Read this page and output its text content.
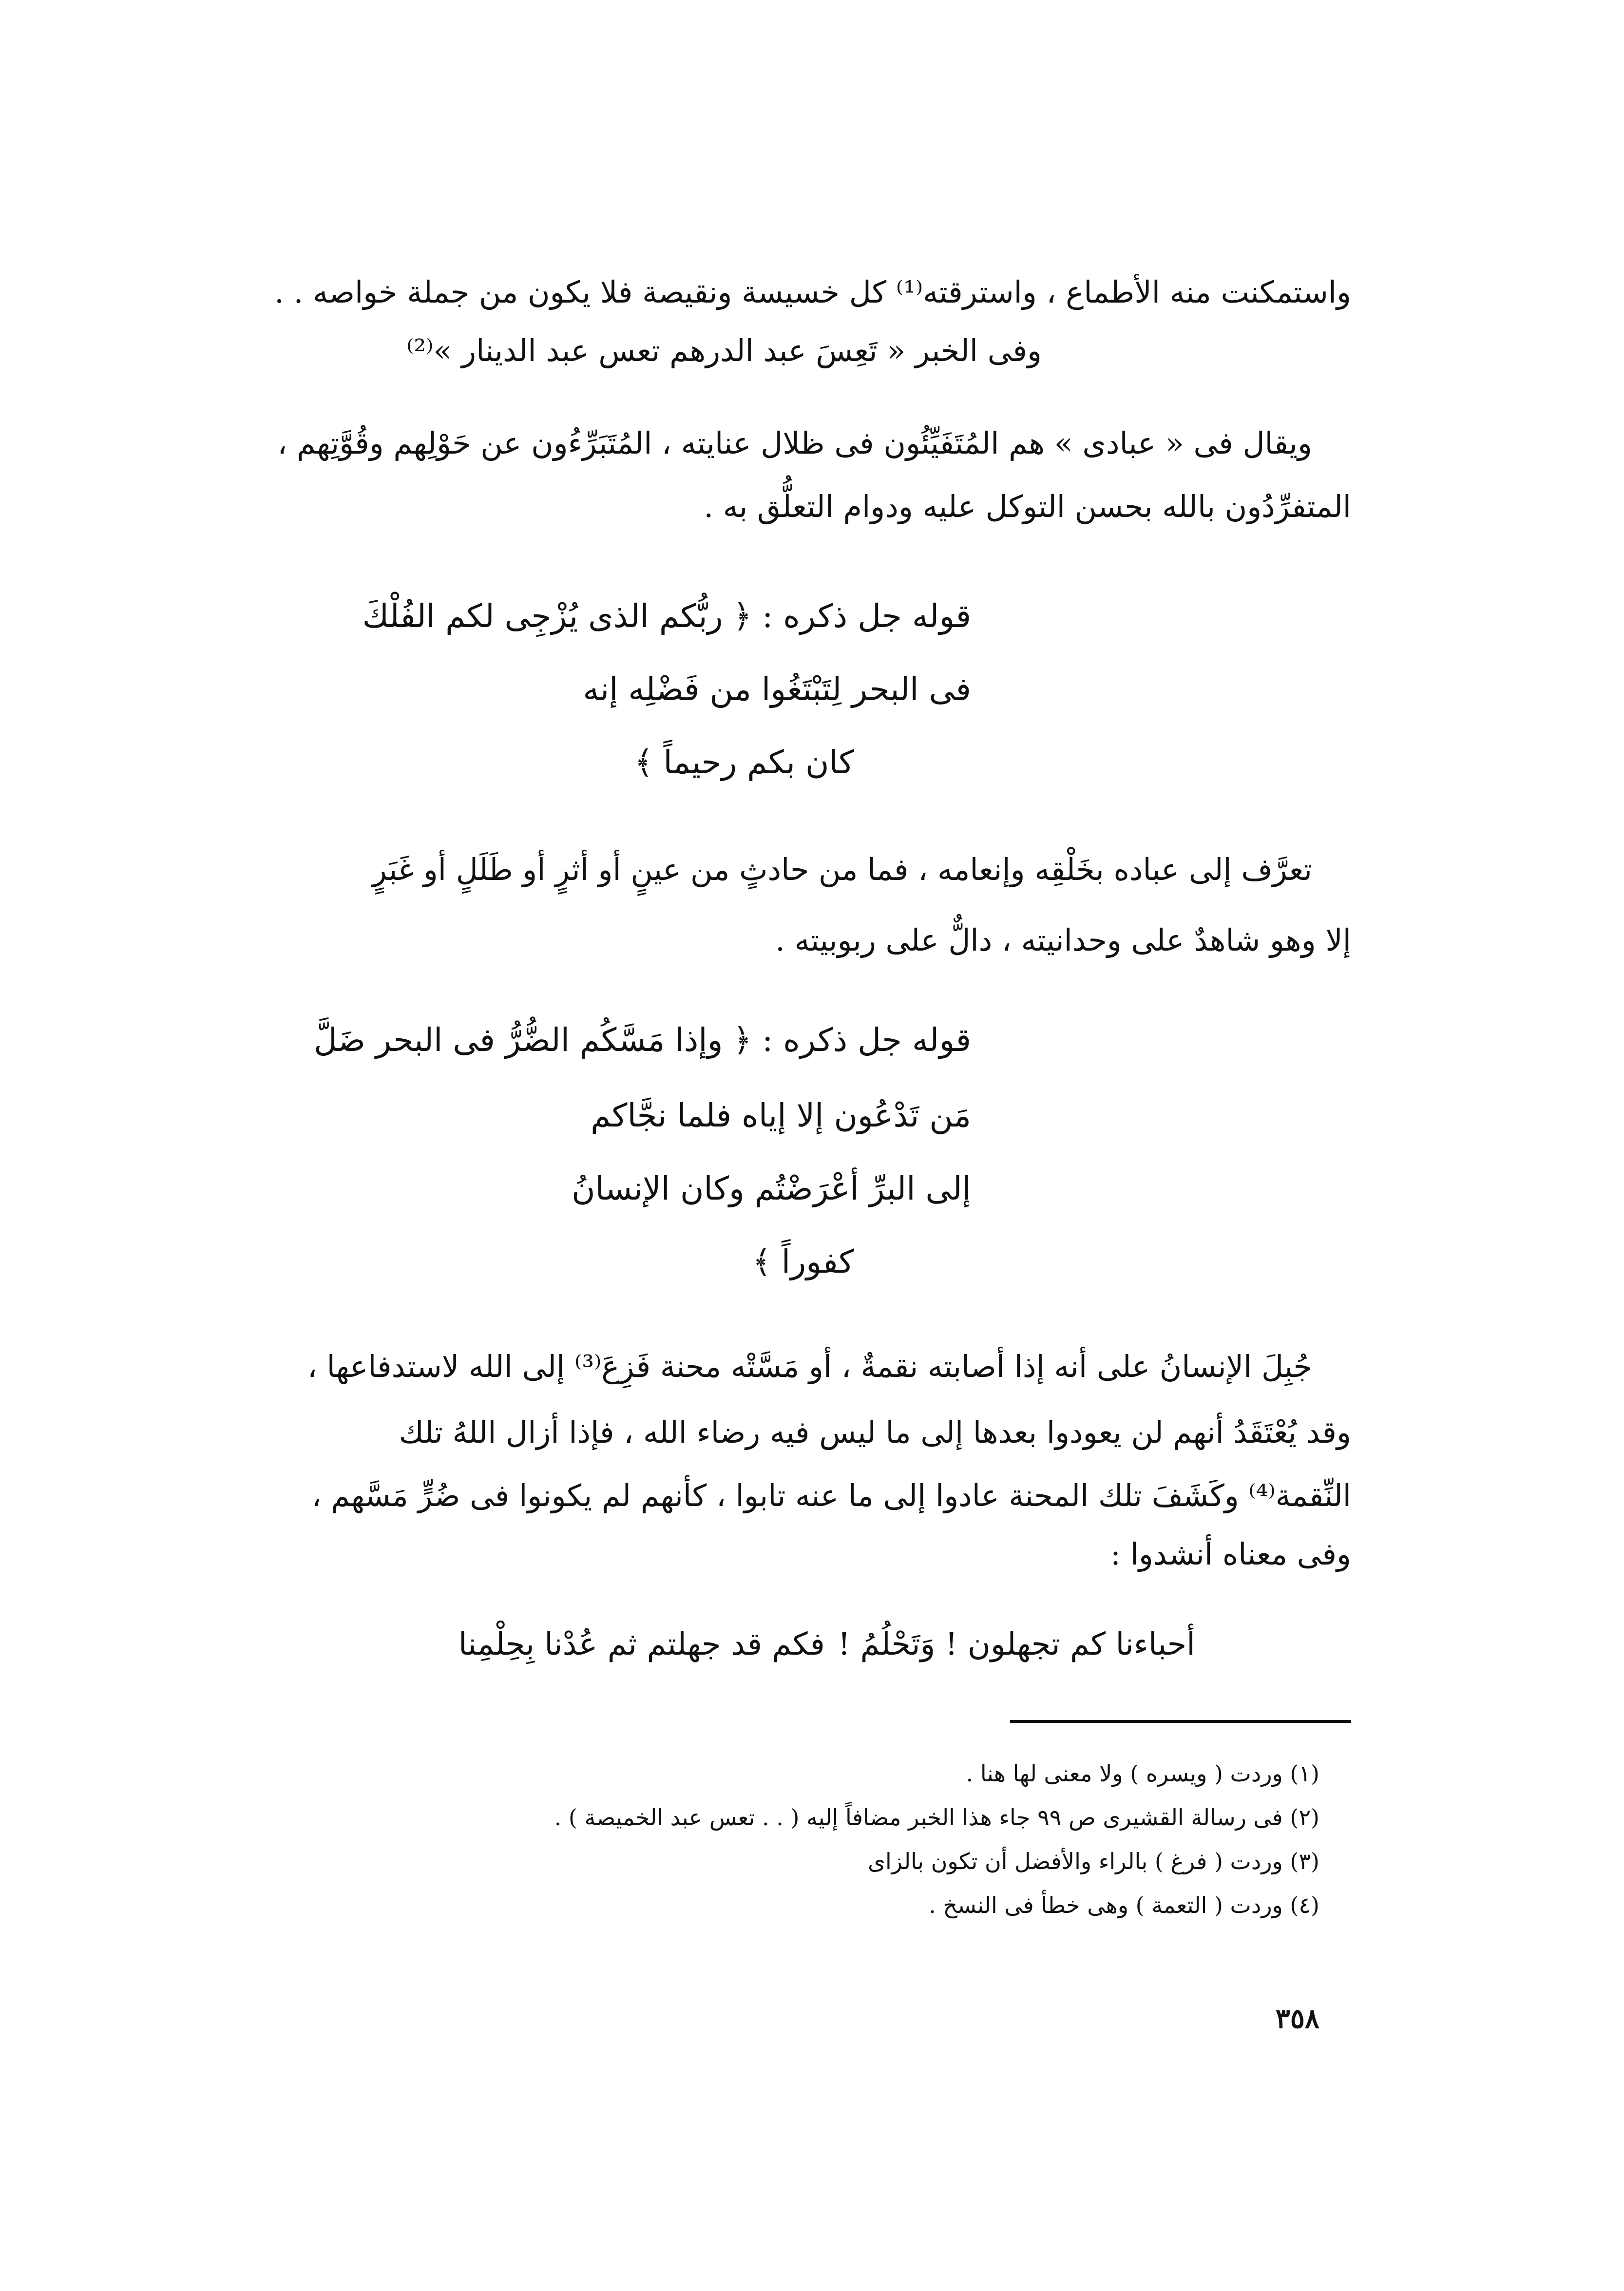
واستمكنت منه الأطماع ، واسترقته⁽¹⁾ كل خسيسة ونقيصة فلا يكون من جملة خواصه . .
وفى الخبر « تَعِسَ عبد الدرهم تعس عبد الدينار »⁽²⁾
ويقال فى « عبادى » هم المُتَفَيِّئُون فى ظلال عنايته ، المُتَبَرِّءُون عن حَوْلِهم وقُوَّتِهم ،
المتفرِّدُون بالله بحسن التوكل عليه ودوام التعلُّق به .
قوله جل ذكره : ﴿ ربُّكم الذى يُزْجِى لكم الفُلْكَ
فى البحر لِتَبْتَغُوا من فَضْلِه إنه
كان بكم رحيماً ﴾
تعرَّف إلى عباده بخَلْقِه وإنعامه ، فما من حادثٍ من عينٍ أو أثرٍ أو طَلَلٍ أو غَبَرٍ
إلا وهو شاهدٌ على وحدانيته ، دالٌّ على ربوبيته .
قوله جل ذكره : ﴿ وإذا مَسَّكُم الضُّرُّ فى البحر ضَلَّ
مَن تَدْعُون إلا إياه فلما نجَّاكم
إلى البرِّ أعْرَضْتُم وكان الإنسانُ
كفوراً ﴾
جُبِلَ الإنسانُ على أنه إذا أصابته نقمةٌ ، أو مَسَّتْه محنة فَزِعَ⁽³⁾ إلى الله لاستدفاعها ،
وقد يُعْتَقَدُ أنهم لن يعودوا بعدها إلى ما ليس فيه رضاء الله ، فإذا أزال اللهُ تلك
النِّقمة⁽⁴⁾ وكَشَفَ تلك المحنة عادوا إلى ما عنه تابوا ، كأنهم لم يكونوا فى ضُرٍّ مَسَّهم ،
وفى معناه أنشدوا :
أحباءنا كم تجهلون ! وَتَحْلُمُ !
فكم قد جهلتم ثم عُدْنا بِحِلْمِنا
(١) وردت ( ويسره ) ولا معنى لها هنا .
(٢) فى رسالة القشيرى ص ٩٩ جاء هذا الخبر مضافاً إليه ( . . تعس عبد الخميصة ) .
(٣) وردت ( فرغ ) بالراء والأفضل أن تكون بالزاى
(٤) وردت ( التعمة ) وهى خطأ فى النسخ .
٣٥٨
